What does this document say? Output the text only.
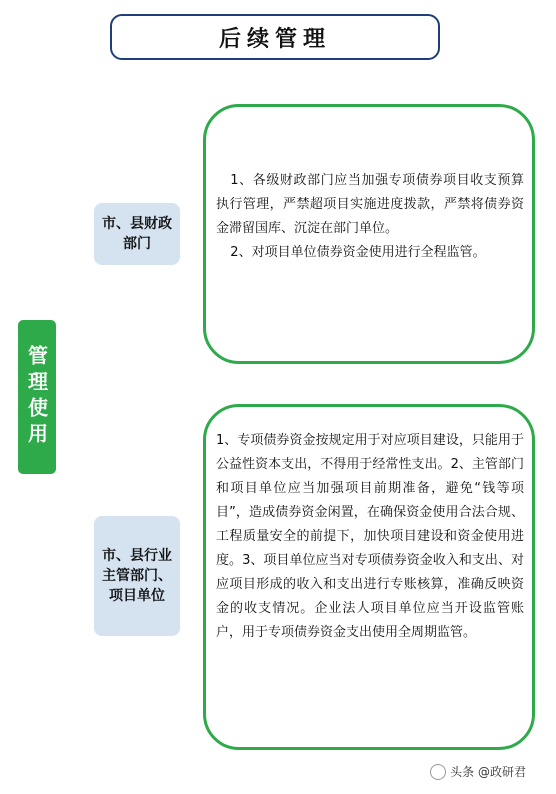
后续管理
管理使用
市、县财政部门

1、各级财政部门应当加强专项债券项目收支预算执行管理，严禁超项目实施进度拨款，严禁将债券资金滞留国库、沉淀在部门单位。

2、对项目单位债券资金使用进行全程监管。

市、县行业主管部门、项目单位

1、专项债券资金按规定用于对应项目建设，只能用于公益性资本支出，不得用于经常性支出。2、主管部门和项目单位应当加强项目前期准备，避免“钱等项目”，造成债券资金闲置，在确保资金使用合法合规、工程质量安全的前提下，加快项目建设和资金使用进度。3、项目单位应当对专项债券资金收入和支出、对应项目形成的收入和支出进行专账核算，准确反映资金的收支情况。企业法人项目单位应当开设监管账户，用于专项债券资金支出使用全周期监管。

头条 @政研君
